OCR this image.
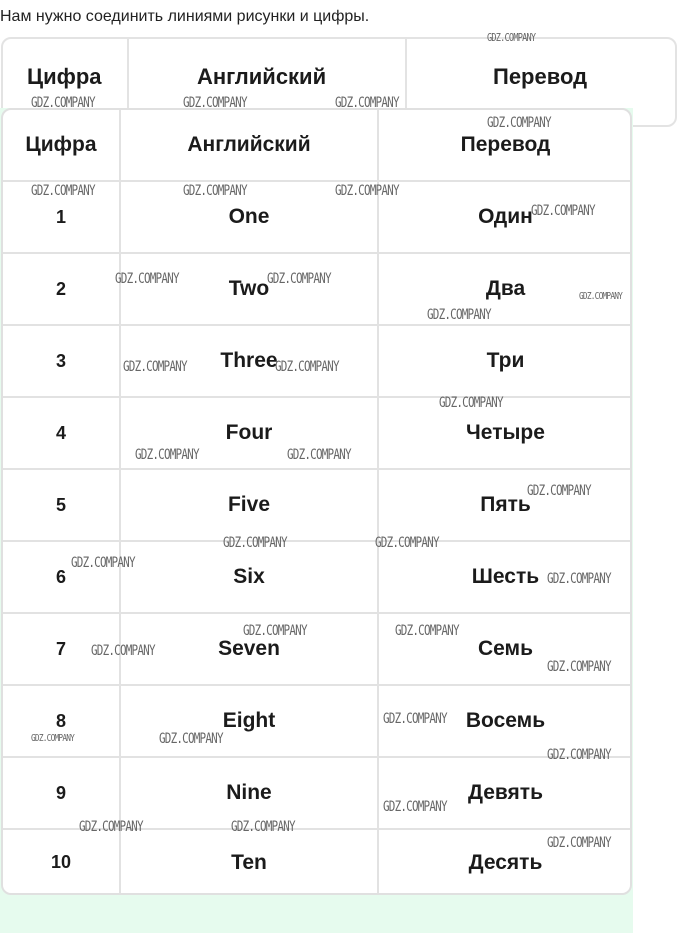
Нам нужно соединить линиями рисунки и цифры.
Цифра	Английский	Перевод
Цифра	Английский	Перевод
1	One	Один
2	Two	Два
3	Three	Три
4	Four	Четыре
5	Five	Пять
6	Six	Шесть
7	Seven	Семь
8	Eight	Восемь
9	Nine	Девять
10	Ten	Десять
GDZ.COMPANY
GDZ.COMPANY	GDZ.COMPANY	GDZ.COMPANY
GDZ.COMPANY
GDZ.COMPANY	GDZ.COMPANY	GDZ.COMPANY
GDZ.COMPANY
GDZ.COMPANY	GDZ.COMPANY
GDZ.COMPANY
GDZ.COMPANY
GDZ.COMPANY	GDZ.COMPANY
GDZ.COMPANY
GDZ.COMPANY	GDZ.COMPANY
GDZ.COMPANY
GDZ.COMPANY	GDZ.COMPANY
GDZ.COMPANY
GDZ.COMPANY
GDZ.COMPANY	GDZ.COMPANY
GDZ.COMPANY
GDZ.COMPANY
GDZ.COMPANY
GDZ.COMPANY	GDZ.COMPANY
GDZ.COMPANY
GDZ.COMPANY
GDZ.COMPANY	GDZ.COMPANY
GDZ.COMPANY
